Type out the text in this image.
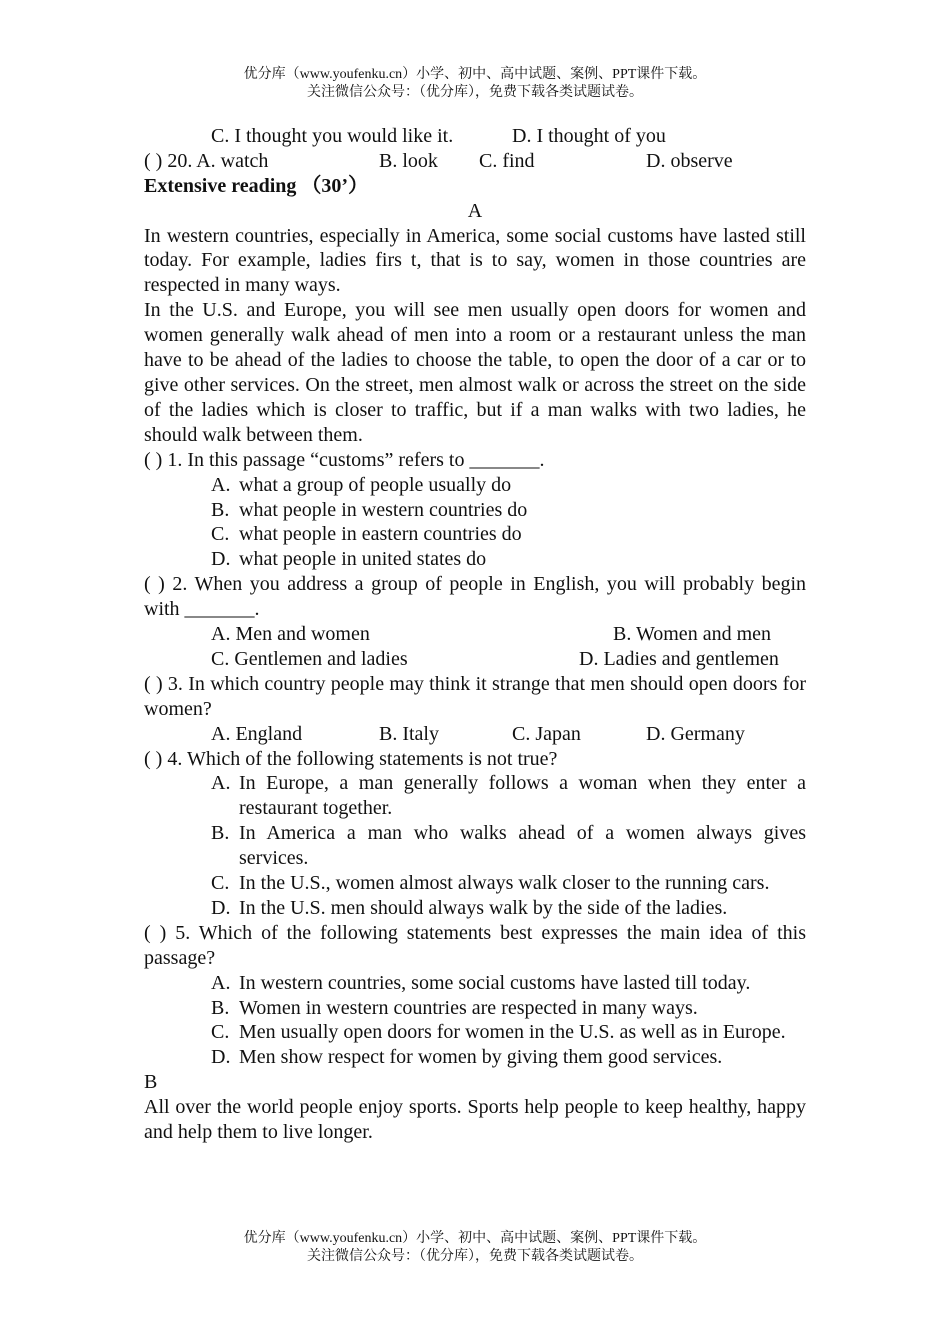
优分库（www.youfenku.cn）小学、初中、高中试题、案例、PPT课件下载。
关注微信公众号：（优分库），免费下载各类试题试卷。
C. I thought you would like it.	D. I thought of you
( ) 20. A. watch	B. look C. find	D. observe
Extensive reading （30’）
A
In western countries, especially in America, some social customs have lasted still today. For example, ladies firs t, that is to say, women in those countries are respected in many ways.
In the U.S. and Europe, you will see men usually open doors for women and women generally walk ahead of men into a room or a restaurant unless the man have to be ahead of the ladies to choose the table, to open the door of a car or to give other services. On the street, men almost walk or across the street on the side of the ladies which is closer to traffic, but if a man walks with two ladies, he should walk between them.
( ) 1. In this passage “customs” refers to _______.
A. what a group of people usually do
B. what people in western countries do
C. what people in eastern countries do
D. what people in united states do
( ) 2. When you address a group of people in English, you will probably begin with _______.
A. Men and women	B. Women and men
C. Gentlemen and ladies	D. Ladies and gentlemen
( ) 3. In which country people may think it strange that men should open doors for women?
A. England	B. Italy	C. Japan	D. Germany
( ) 4. Which of the following statements is not true?
A. In Europe, a man generally follows a woman when they enter a restaurant together.
B. In America a man who walks ahead of a women always gives services.
C. In the U.S., women almost always walk closer to the running cars.
D. In the U.S. men should always walk by the side of the ladies.
( ) 5. Which of the following statements best expresses the main idea of this passage?
A. In western countries, some social customs have lasted till today.
B. Women in western countries are respected in many ways.
C. Men usually open doors for women in the U.S. as well as in Europe.
D. Men show respect for women by giving them good services.
B
All over the world people enjoy sports. Sports help people to keep healthy, happy and help them to live longer.
优分库（www.youfenku.cn）小学、初中、高中试题、案例、PPT课件下载。
关注微信公众号：（优分库），免费下载各类试题试卷。
